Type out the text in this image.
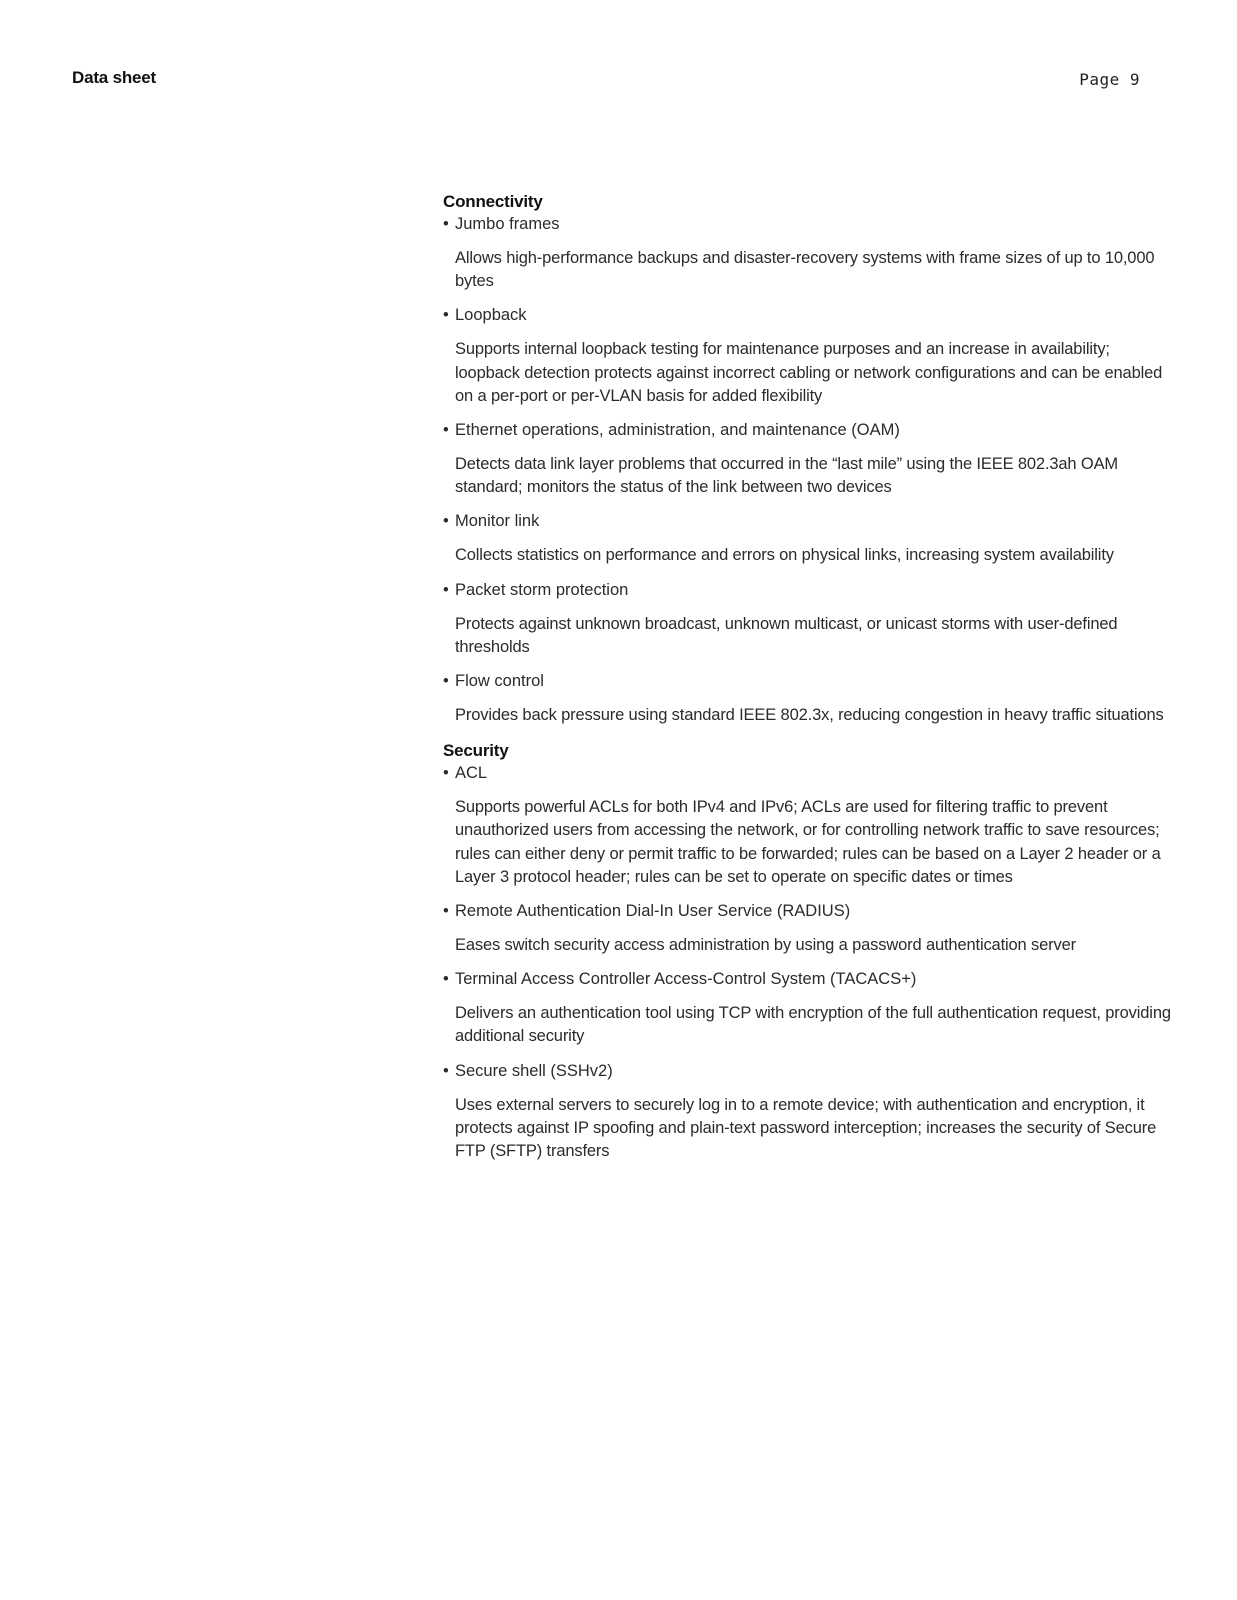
Data sheet	Page 9
Connectivity
• Jumbo frames
Allows high-performance backups and disaster-recovery systems with frame sizes of up to 10,000 bytes
• Loopback
Supports internal loopback testing for maintenance purposes and an increase in availability; loopback detection protects against incorrect cabling or network configurations and can be enabled on a per-port or per-VLAN basis for added flexibility
• Ethernet operations, administration, and maintenance (OAM)
Detects data link layer problems that occurred in the “last mile” using the IEEE 802.3ah OAM standard; monitors the status of the link between two devices
• Monitor link
Collects statistics on performance and errors on physical links, increasing system availability
• Packet storm protection
Protects against unknown broadcast, unknown multicast, or unicast storms with user-defined thresholds
• Flow control
Provides back pressure using standard IEEE 802.3x, reducing congestion in heavy traffic situations
Security
• ACL
Supports powerful ACLs for both IPv4 and IPv6; ACLs are used for filtering traffic to prevent unauthorized users from accessing the network, or for controlling network traffic to save resources; rules can either deny or permit traffic to be forwarded; rules can be based on a Layer 2 header or a Layer 3 protocol header; rules can be set to operate on specific dates or times
• Remote Authentication Dial-In User Service (RADIUS)
Eases switch security access administration by using a password authentication server
• Terminal Access Controller Access-Control System (TACACS+)
Delivers an authentication tool using TCP with encryption of the full authentication request, providing additional security
• Secure shell (SSHv2)
Uses external servers to securely log in to a remote device; with authentication and encryption, it protects against IP spoofing and plain-text password interception; increases the security of Secure FTP (SFTP) transfers
